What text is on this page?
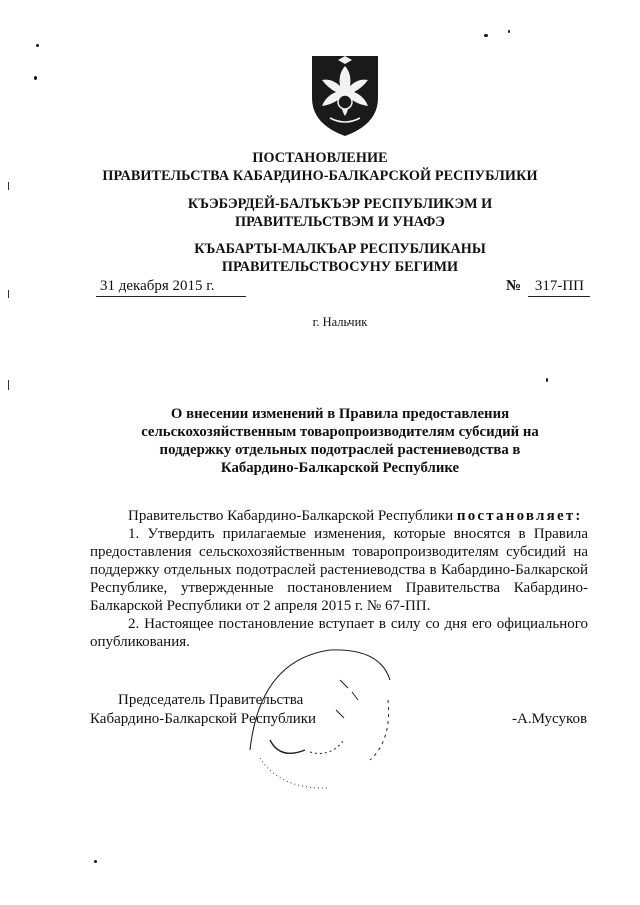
ПОСТАНОВЛЕНИЕ
ПРАВИТЕЛЬСТВА КАБАРДИНО-БАЛКАРСКОЙ РЕСПУБЛИКИ
КЪЭБЭРДЕЙ-БАЛЪКЪЭР РЕСПУБЛИКЭМ И ПРАВИТЕЛЬСТВЭМ И УНАФЭ
КЪАБАРТЫ-МАЛКЪАР РЕСПУБЛИКАНЫ ПРАВИТЕЛЬСТВОСУНУ БЕГИМИ
31 декабря 2015 г.	№ 317-ПП
г. Нальчик
О внесении изменений в Правила предоставления сельскохозяйственным товаропроизводителям субсидий на поддержку отдельных подотраслей растениеводства в Кабардино-Балкарской Республике
Правительство Кабардино-Балкарской Республики постановляет:
1. Утвердить прилагаемые изменения, которые вносятся в Правила предоставления сельскохозяйственным товаропроизводителям субсидий на поддержку отдельных подотраслей растениеводства в Кабардино-Балкарской Республике, утвержденные постановлением Правительства Кабардино-Балкарской Республики от 2 апреля 2015 г. № 67-ПП.
2. Настоящее постановление вступает в силу со дня его официального опубликования.
Председатель Правительства
Кабардино-Балкарской Республики	-А.Мусуков
